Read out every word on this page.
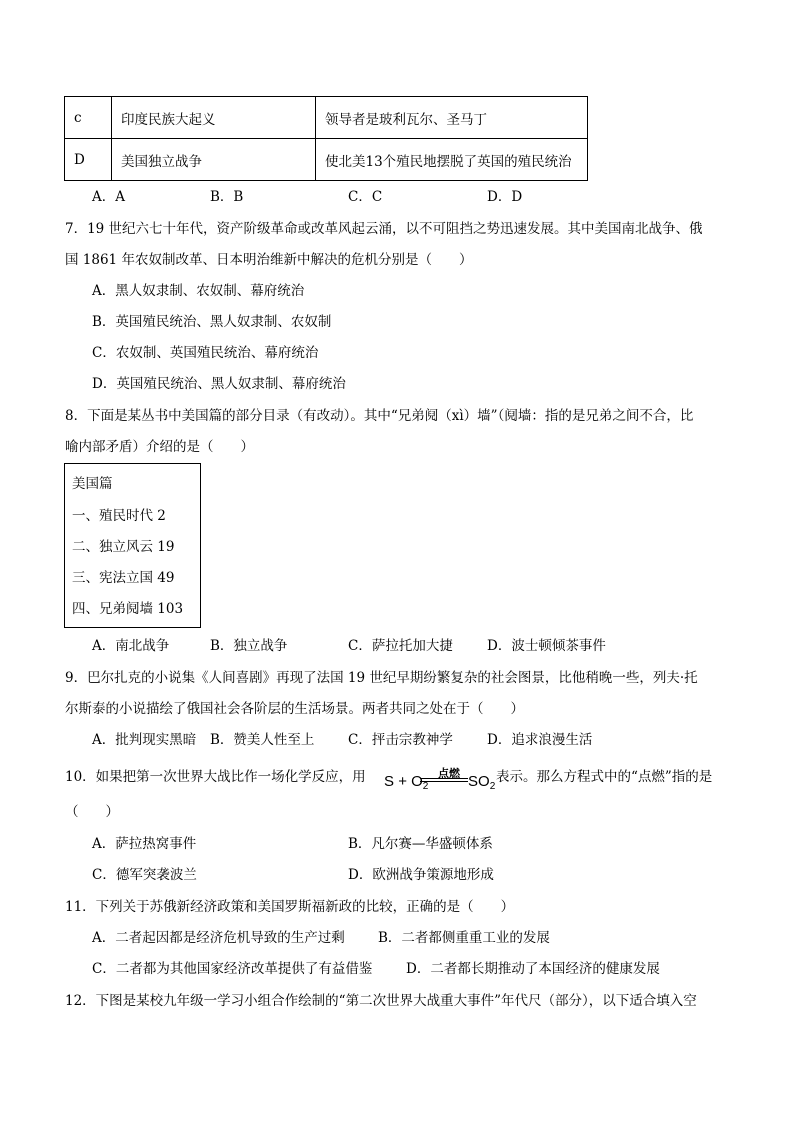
c	印度民族大起义	领导者是玻利瓦尔、圣马丁
D	美国独立战争	使北美13个殖民地摆脱了英国的殖民统治
A．A	B．B	C．C	D．D
7．19 世纪六七十年代，资产阶级革命或改革风起云涌，以不可阻挡之势迅速发展。其中美国南北战争、俄
国 1861 年农奴制改革、日本明治维新中解决的危机分别是（　　）
A．黑人奴隶制、农奴制、幕府统治
B．英国殖民统治、黑人奴隶制、农奴制
C．农奴制、英国殖民统治、幕府统治
D．英国殖民统治、黑人奴隶制、幕府统治
8．下面是某丛书中美国篇的部分目录（有改动）。其中“兄弟阋（xì）墙”（阋墙：指的是兄弟之间不合，比
喻内部矛盾）介绍的是（　　）
美国篇
一、殖民时代 2
二、独立风云 19
三、宪法立国 49
四、兄弟阋墙 103
A．南北战争	B．独立战争	C．萨拉托加大捷	D．波士顿倾茶事件
9．巴尔扎克的小说集《人间喜剧》再现了法国 19 世纪早期纷繁复杂的社会图景，比他稍晚一些，列夫·托
尔斯泰的小说描绘了俄国社会各阶层的生活场景。两者共同之处在于（　　）
A．批判现实黑暗 B．赞美人性至上 C．抨击宗教神学	D．追求浪漫生活
10．如果把第一次世界大战比作一场化学反应，用	点燃
$S + O_2$	$SO_2$
表示。那么方程式中的“点燃”指的是
（　　）
A．萨拉热窝事件	B．凡尔赛—华盛顿体系
C．德军突袭波兰	D．欧洲战争策源地形成
11．下列关于苏俄新经济政策和美国罗斯福新政的比较，正确的是（　　）
A．二者起因都是经济危机导致的生产过剩 B．二者都侧重重工业的发展
C．二者都为其他国家经济改革提供了有益借鉴 D．二者都长期推动了本国经济的健康发展
12．下图是某校九年级一学习小组合作绘制的“第二次世界大战重大事件”年代尺（部分），以下适合填入空
